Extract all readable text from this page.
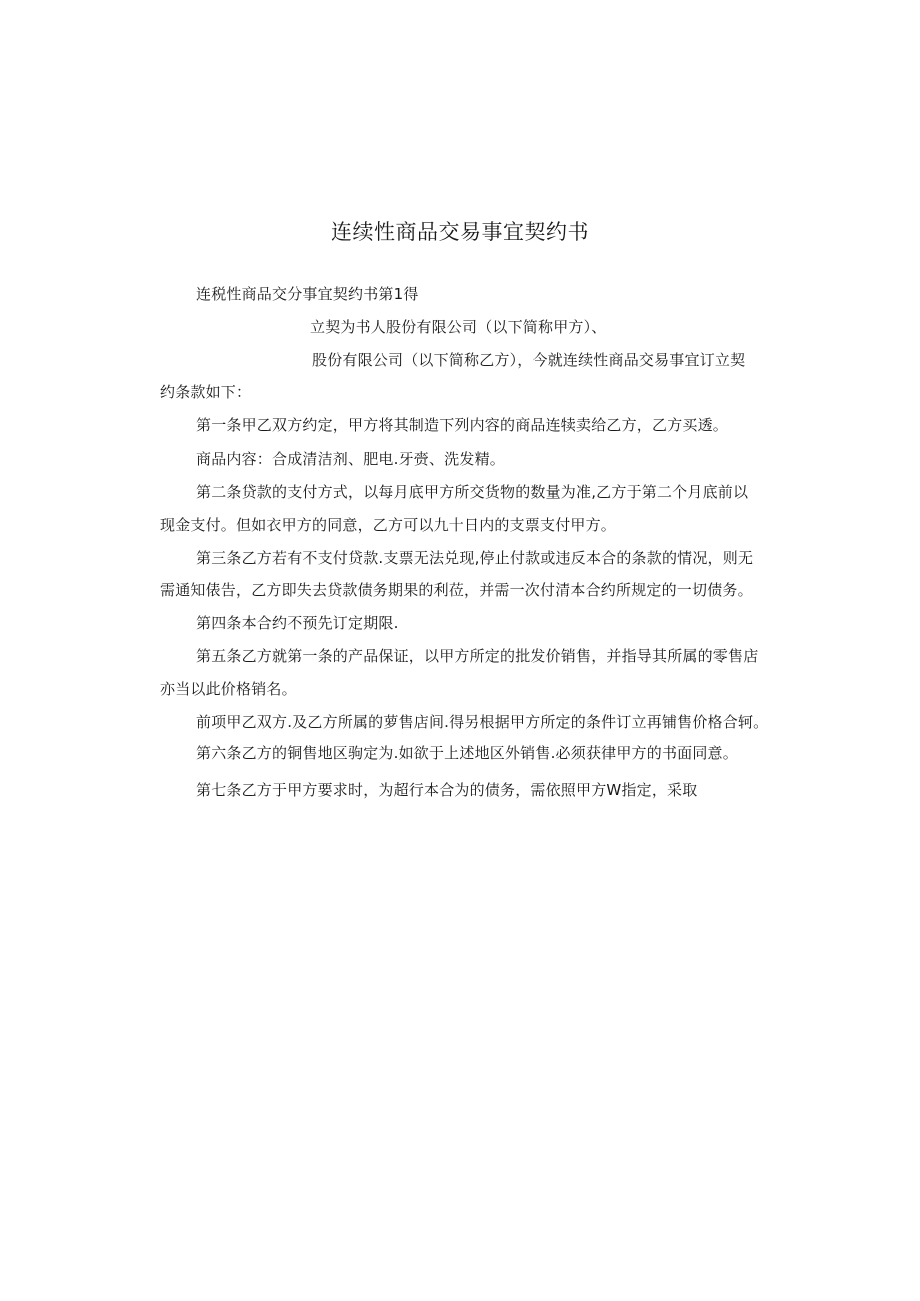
连续性商品交易事宜契约书
连税性商品交分事宜契约书第1得
立契为书人股份有限公司（以下简称甲方）、
股份有限公司（以下简称乙方），今就连续性商品交易事宜订立契
约条款如下：
第一条甲乙双方约定，甲方将其制造下列内容的商品连犊卖给乙方，乙方买透。
商品内容：合成清洁剂、肥电.牙赍、洗发精。
第二条贷款的支付方式，以每月底甲方所交货物的数量为准,乙方于第二个月底前以
现金支付。但如衣甲方的同意，乙方可以九十日内的支票支付甲方。
第三条乙方若有不支付贷款.支票无法兑现,停止付款或违反本合的条款的情况，则无
需通知俵告，乙方即失去贷款债务期果的利莅，并需一次付清本合约所规定的一切债务。
第四条本合约不预先订定期限.
第五条乙方就第一条的产品保证，以甲方所定的批发价销售，并指导其所属的零售店
亦当以此价格销名。
前项甲乙双方.及乙方所属的萝售店间.得另根据甲方所定的条件订立再铺售价格合轲。
第六条乙方的铜售地区驹定为.如欲于上述地区外销售.必须获律甲方的书面同意。
第七条乙方于甲方要求时，为超行本合为的债务，需依照甲方W指定，采取
